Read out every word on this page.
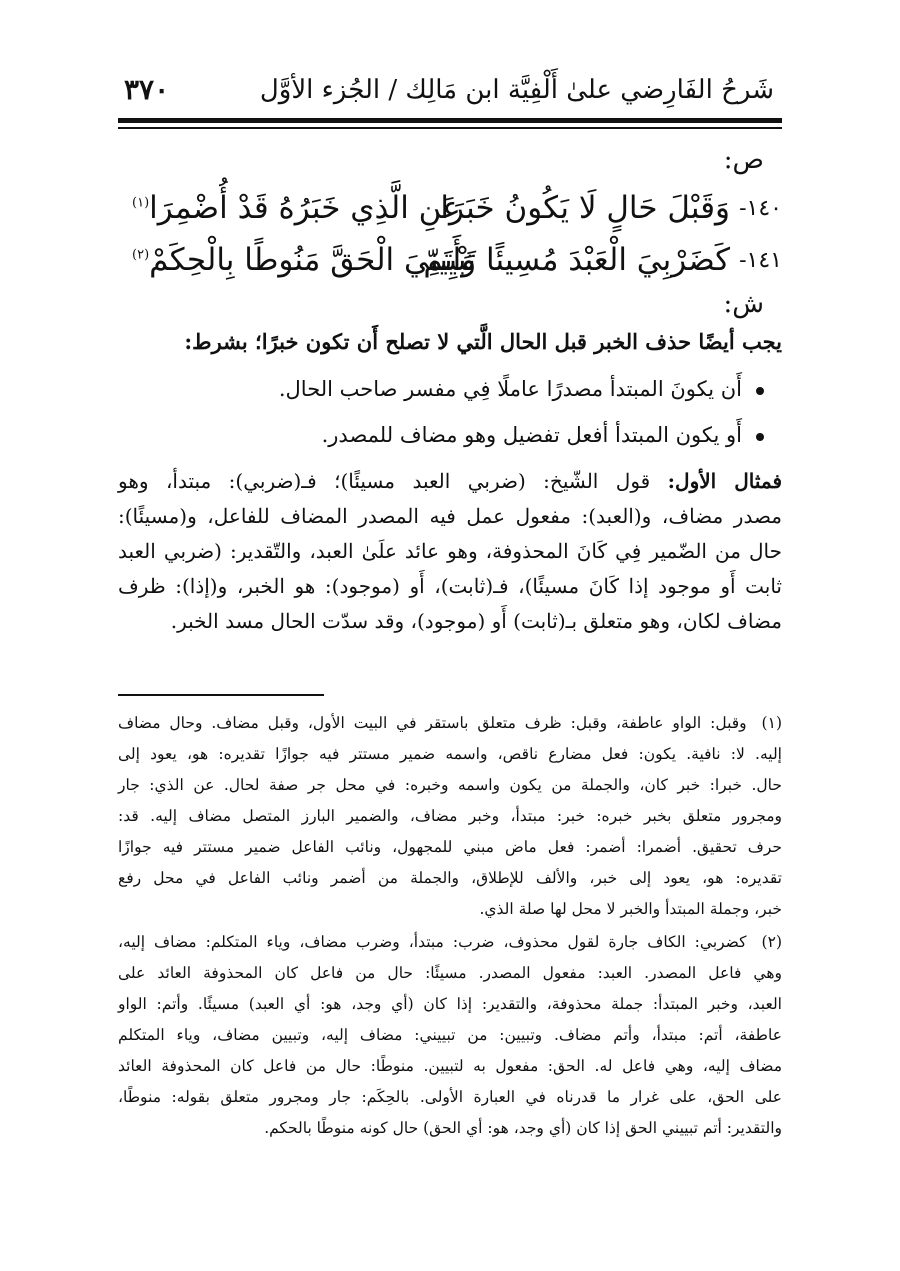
شَرحُ الفَارِضي علىٰ أَلْفِيَّة ابن مَالِك / الجُزء الأوَّل
٣٧٠
ص:
١٤٠-
وَقَبْلَ حَالٍ لَا يَكُونُ خَبَرَا
عَنِ الَّذِي خَبَرُهُ قَدْ أُضْمِرَا$^{(١)}$
١٤١-
كَضَرْبِيَ الْعَبْدَ مُسِيئًا وَأَتَمّ
تَبْيِينِيَ الْحَقَّ مَنُوطًا بِالْحِكَمْ$^{(٢)}$
ش:
يجب أيضًا حذف الخبر قبل الحال الَّتي لا تصلح أَن تكون خبرًا؛ بشرط:
أَن يكونَ المبتدأ مصدرًا عاملًا فِي مفسر صاحب الحال.
أَو يكون المبتدأ أفعل تفضيل وهو مضاف للمصدر.
فمثال الأول: قول الشّيخ: (ضربي العبد مسيئًا)؛ فـ(ضربي): مبتدأ، وهو
مصدر مضاف، و(العبد): مفعول عمل فيه المصدر المضاف للفاعل، و(مسيئًا):
حال من الضّمير فِي كَانَ المحذوفة، وهو عائد علَىٰ العبد، والتّقدير: (ضربي العبد
ثابت أَو موجود إذا كَانَ مسيئًا)، فـ(ثابت)، أَو (موجود): هو الخبر، و(إذا): ظرف
مضاف لكان، وهو متعلق بـ(ثابت) أَو (موجود)، وقد سدّت الحال مسد الخبر.
(١) وقبل: الواو عاطفة، وقبل: ظرف متعلق باستقر في البيت الأول، وقبل مضاف. وحال مضاف
إليه. لا: نافية. يكون: فعل مضارع ناقص، واسمه ضمير مستتر فيه جوازًا تقديره: هو، يعود إلى
حال. خبرا: خبر كان، والجملة من يكون واسمه وخبره: في محل جر صفة لحال. عن الذي: جار
ومجرور متعلق بخبر خبره: خبر: مبتدأ، وخبر مضاف، والضمير البارز المتصل مضاف إليه. قد:
حرف تحقيق. أضمرا: أضمر: فعل ماض مبني للمجهول، ونائب الفاعل ضمير مستتر فيه جوازًا
تقديره: هو، يعود إلى خبر، والألف للإطلاق، والجملة من أضمر ونائب الفاعل في محل رفع
خبر، وجملة المبتدأ والخبر لا محل لها صلة الذي.
(٢) كضربي: الكاف جارة لقول محذوف، ضرب: مبتدأ، وضرب مضاف، وياء المتكلم: مضاف إليه،
وهي فاعل المصدر. العبد: مفعول المصدر. مسيئًا: حال من فاعل كان المحذوفة العائد على
العبد، وخبر المبتدأ: جملة محذوفة، والتقدير: إذا كان (أي وجد، هو: أي العبد) مسيئًا. وأتم: الواو
عاطفة، أتم: مبتدأ، وأتم مضاف. وتبيين: من تبييني: مضاف إليه، وتبيين مضاف، وياء المتكلم
مضاف إليه، وهي فاعل له. الحق: مفعول به لتبيين. منوطًا: حال من فاعل كان المحذوفة العائد
على الحق، على غرار ما قدرناه في العبارة الأولى. بالحِكَم: جار ومجرور متعلق بقوله: منوطًا،
والتقدير: أتم تبييني الحق إذا كان (أي وجد، هو: أي الحق) حال كونه منوطًا بالحكم.
